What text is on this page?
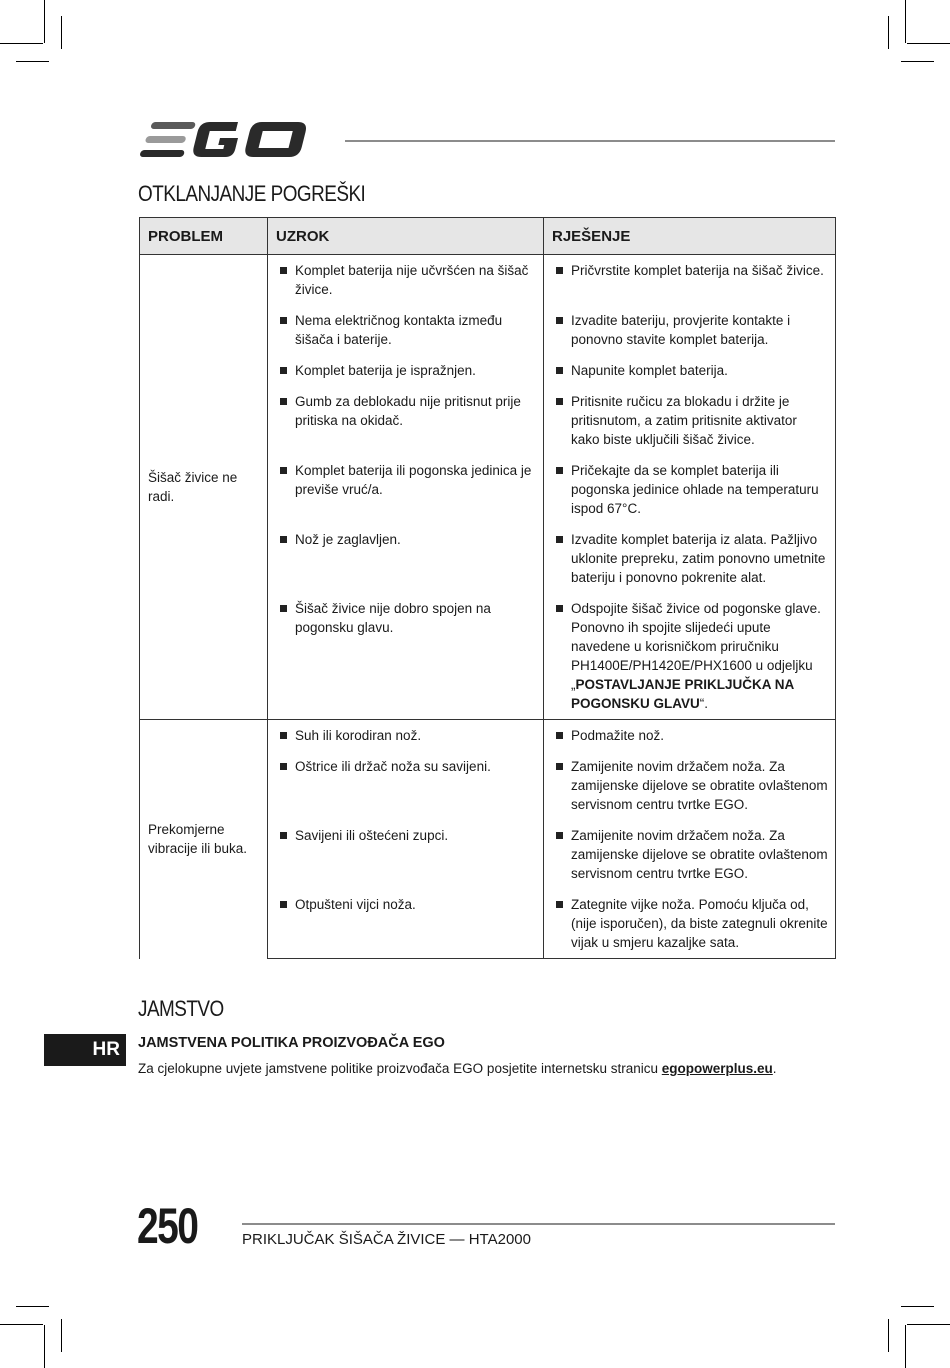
OTKLANJANJE POGREŠKI
PROBLEM	UZROK	RJEŠENJE
Šišač živice ne radi.	Komplet baterija nije učvršćen na šišač živice.	Pričvrstite komplet baterija na šišač živice.

	Nema električnog kontakta između šišača i baterije.	Izvadite bateriju, provjerite kontakte i ponovno stavite komplet baterija.

	Komplet baterija je ispražnjen.	Napunite komplet baterija.

	Gumb za deblokadu nije pritisnut prije pritiska na okidač.	Pritisnite ručicu za blokadu i držite je pritisnutom, a zatim pritisnite aktivator kako biste uključili šišač živice.

	Komplet baterija ili pogonska jedinica je previše vruć/a.	Pričekajte da se komplet baterija ili pogonska jedinice ohlade na temperaturu ispod 67°C.

	Nož je zaglavljen.	Izvadite komplet baterija iz alata. Pažljivo uklonite prepreku, zatim ponovno umetnite bateriju i ponovno pokrenite alat.

	Šišač živice nije dobro spojen na pogonsku glavu.	Odspojite šišač živice od pogonske glave. Ponovno ih spojite slijedeći upute navedene u korisničkom priručniku PH1400E/PH1420E/PHX1600 u odjeljku „POSTAVLJANJE PRIKLJUČKA NA POGONSKU GLAVU“.

Prekomjerne vibracije ili buka.	Suh ili korodiran nož.	Podmažite nož.

	Oštrice ili držač noža su savijeni.	Zamijenite novim držačem noža. Za zamijenske dijelove se obratite ovlaštenom servisnom centru tvrtke EGO.

	Savijeni ili oštećeni zupci.	Zamijenite novim držačem noža. Za zamijenske dijelove se obratite ovlaštenom servisnom centru tvrtke EGO.

	Otpušteni vijci noža.	Zategnite vijke noža. Pomoću ključa od, (nije isporučen), da biste zategnuli okrenite vijak u smjeru kazaljke sata.
JAMSTVO
HR	JAMSTVENA POLITIKA PROIZVOĐAČA EGO
Za cjelokupne uvjete jamstvene politike proizvođača EGO posjetite internetsku stranicu egopowerplus.eu.
250	PRIKLJUČAK ŠIŠAČA ŽIVICE — HTA2000
